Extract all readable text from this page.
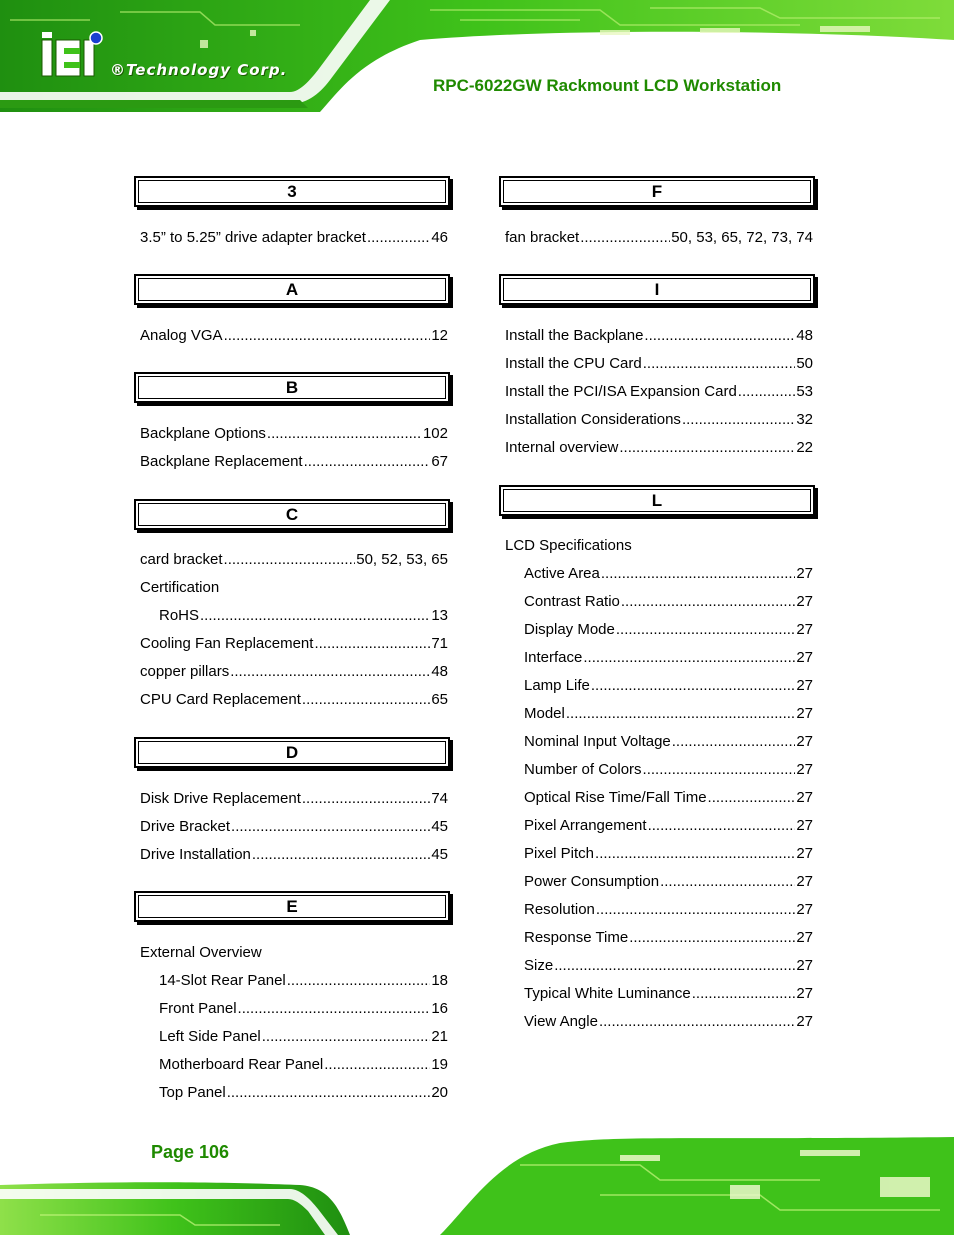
®Technology Corp.
RPC-6022GW Rackmount LCD Workstation
3
3.5” to 5.25” drive adapter bracket .....	46
A
Analog VGA .....	12
B
Backplane Options .....	102
Backplane Replacement .....	67
C
card bracket .....	50, 52, 53, 65
Certification
RoHS .....	13
Cooling Fan Replacement .....	71
copper pillars .....	48
CPU Card Replacement .....	65
D
Disk Drive Replacement .....	74
Drive Bracket .....	45
Drive Installation .....	45
E
External Overview
14-Slot Rear Panel .....	18
Front Panel .....	16
Left Side Panel .....	21
Motherboard Rear Panel .....	19
Top Panel .....	20
F
fan bracket .....	50, 53, 65, 72, 73, 74
I
Install the Backplane .....	48
Install the CPU Card .....	50
Install the PCI/ISA Expansion Card .....	53
Installation Considerations .....	32
Internal overview .....	22
L
LCD Specifications
Active Area .....	27
Contrast Ratio .....	27
Display Mode .....	27
Interface .....	27
Lamp Life .....	27
Model .....	27
Nominal Input Voltage .....	27
Number of Colors .....	27
Optical Rise Time/Fall Time .....	27
Pixel Arrangement .....	27
Pixel Pitch .....	27
Power Consumption .....	27
Resolution .....	27
Response Time .....	27
Size .....	27
Typical White Luminance .....	27
View Angle .....	27
Page 106
